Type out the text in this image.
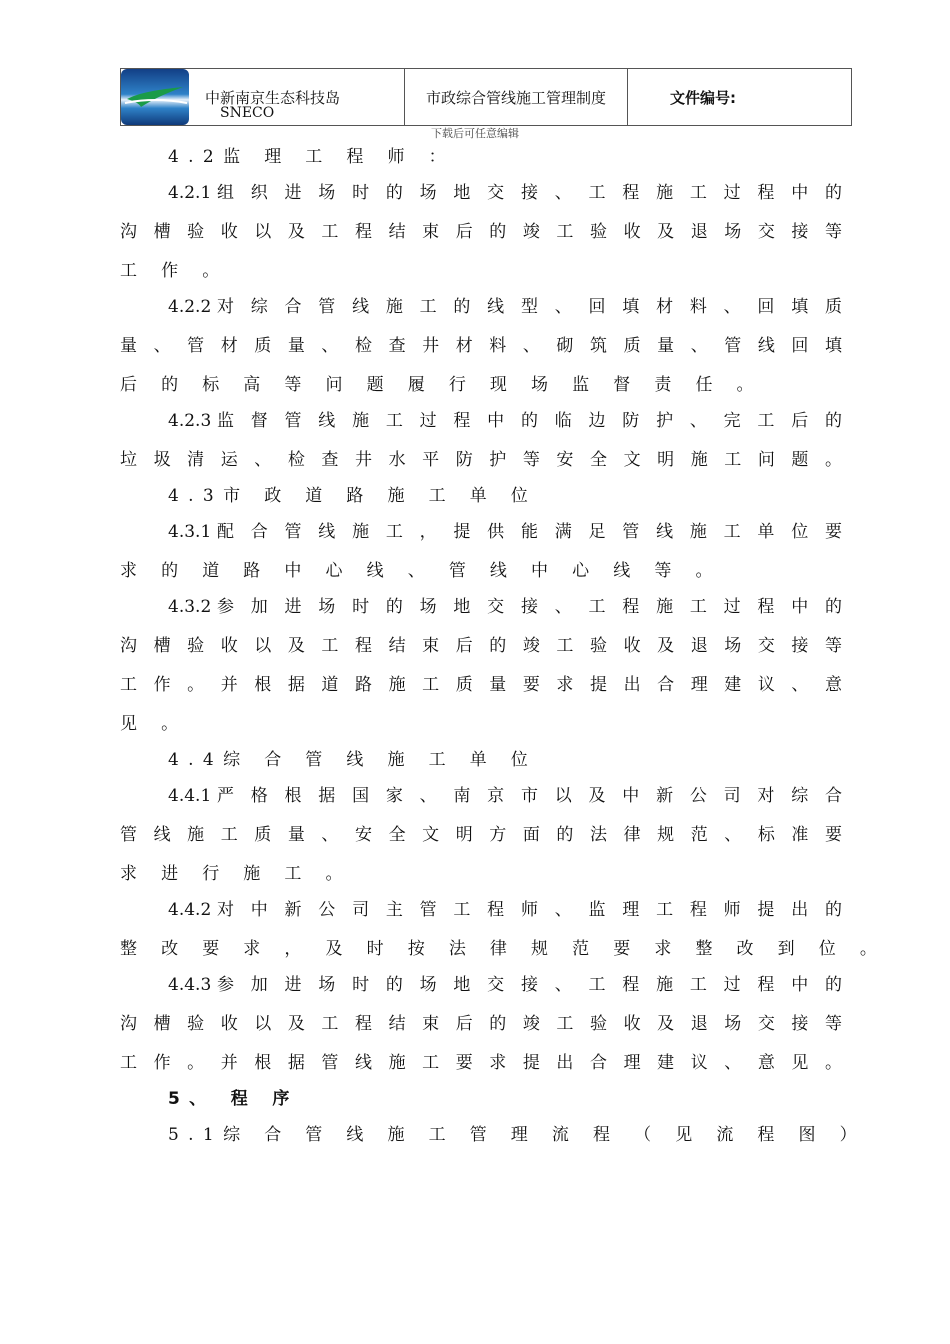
中新南京生态科技岛
SNECO
市政综合管线施工管理制度	文件编号:
下载后可任意编辑
4.2监 理 工 程 师 ：
4.2.1组 织 进 场 时 的 场 地 交 接 、 工 程 施 工 过 程 中 的
沟 槽 验 收 以 及 工 程 结 束 后 的 竣 工 验 收 及 退 场 交 接 等
工 作 。
4.2.2对 综 合 管 线 施 工 的 线 型 、 回 填 材 料 、 回 填 质
量 、 管 材 质 量 、 检 查 井 材 料 、 砌 筑 质 量 、 管 线 回 填
后 的 标 高 等 问 题 履 行 现 场 监 督 责 任 。
4.2.3监 督 管 线 施 工 过 程 中 的 临 边 防 护 、 完 工 后 的
垃 圾 清 运 、 检 查 井 水 平 防 护 等 安 全 文 明 施 工 问 题 。
4.3市 政 道 路 施 工 单 位
4.3.1配 合 管 线 施 工 ， 提 供 能 满 足 管 线 施 工 单 位 要
求 的 道 路 中 心 线 、 管 线 中 心 线 等 。
4.3.2参 加 进 场 时 的 场 地 交 接 、 工 程 施 工 过 程 中 的
沟 槽 验 收 以 及 工 程 结 束 后 的 竣 工 验 收 及 退 场 交 接 等
工 作 。 并 根 据 道 路 施 工 质 量 要 求 提 出 合 理 建 议 、 意
见 。
4.4综 合 管 线 施 工 单 位
4.4.1严 格 根 据 国 家 、 南 京 市 以 及 中 新 公 司 对 综 合
管 线 施 工 质 量 、 安 全 文 明 方 面 的 法 律 规 范 、 标 准 要
求 进 行 施 工 。
4.4.2对 中 新 公 司 主 管 工 程 师 、 监 理 工 程 师 提 出 的
整 改 要 求 ， 及 时 按 法 律 规 范 要 求 整 改 到 位 。
4.4.3参 加 进 场 时 的 场 地 交 接 、 工 程 施 工 过 程 中 的
沟 槽 验 收 以 及 工 程 结 束 后 的 竣 工 验 收 及 退 场 交 接 等
工 作 。 并 根 据 管 线 施 工 要 求 提 出 合 理 建 议 、 意 见 。
5、 程 序
5.1综 合 管 线 施 工 管 理 流 程 （ 见 流 程 图 ）
